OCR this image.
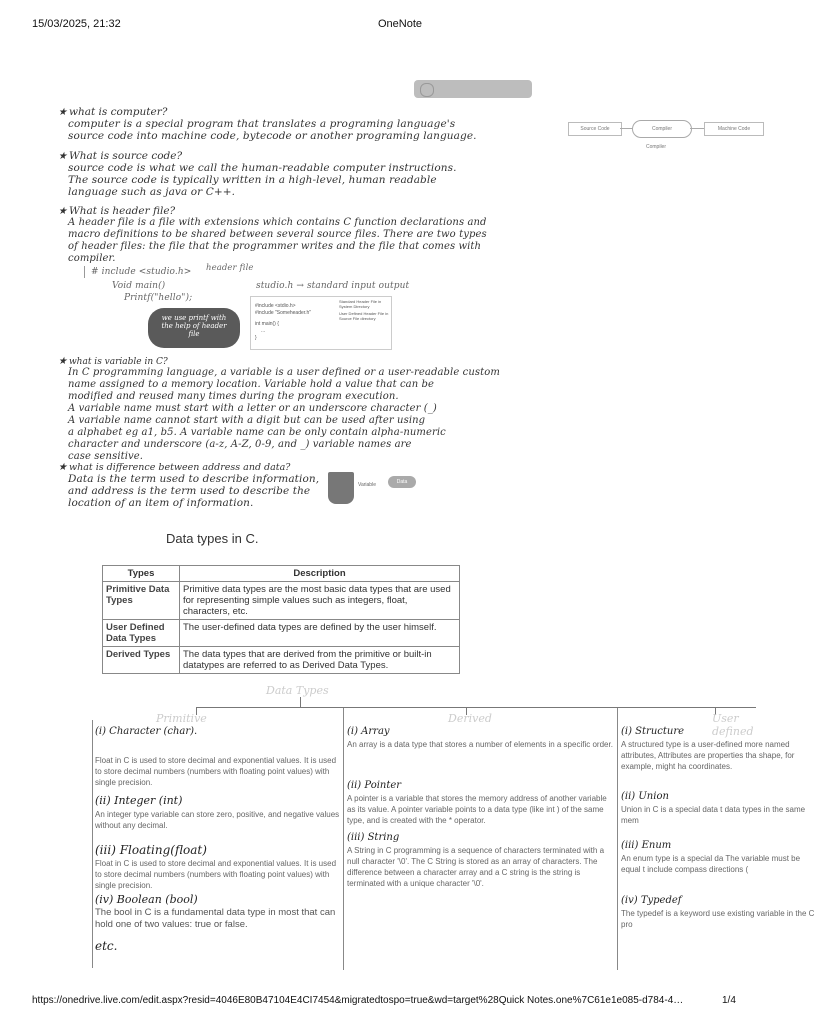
15/03/2025, 21:32	OneNote
Source Code	Compiler	Machine Code
Compiler
★ what is computer?
computer is a special program that translates a programing language's
source code into machine code, bytecode or another programing language.
★ What is source code?
source code is what we call the human-readable computer instructions.
The source code is typically written in a high-level, human readable
language such as java or C++.
★ What is header file?
A header file is a file with extensions which contains C function declarations and
macro definitions to be shared between several source files. There are two types
of header files: the file that the programmer writes and the file that comes with
compiler.
# include <studio.h> header file
Void main()
Printf("hello");
we use printf with the help of header file
studio.h → standard input output
#include <stdio.h>
#include "Someheader.h"
int main() {
...
}
Standard Header File in System Directory
User Defined Header File in Source File directory
★ what is variable in C?
In C programming language, a variable is a user defined or a user-readable custom
name assigned to a memory location. Variable hold a value that can be
modified and reused many times during the program execution.
A variable name must start with a letter or an underscore character (_)
A variable name cannot start with a digit but can be used after using
a alphabet eg a1, b5. A variable name can be only contain alpha-numeric
character and underscore (a-z, A-Z, 0-9, and _) variable names are
case sensitive.
★ what is difference between address and data?
Data is the term used to describe information,
and address is the term used to describe the
location of an item of information.
Variable	Data
Data types in C.
Types	Description
Primitive Data Types	Primitive data types are the most basic data types that are used for representing simple values such as integers, float, characters, etc.
User Defined Data Types	The user-defined data types are defined by the user himself.
Derived Types	The data types that are derived from the primitive or built-in datatypes are referred to as Derived Data Types.
Data Types
Primitive	Derived	User defined
(i) Character (char).
Float in C is used to store decimal and exponential values. It is used to store decimal numbers (numbers with floating point values) with single precision.
(ii) Integer (int)
An integer type variable can store zero, positive, and negative values without any decimal.
(iii) Floating(float)
Float in C is used to store decimal and exponential values. It is used to store decimal numbers (numbers with floating point values) with single precision.
(iv) Boolean (bool)
The bool in C is a fundamental data type in most that can hold one of two values: true or false.
etc.
(i) Array
An array is a data type that stores a number of elements in a specific order.
(ii) Pointer
A pointer is a variable that stores the memory address of another variable as its value. A pointer variable points to a data type (like int ) of the same type, and is created with the * operator.
(iii) String
A String in C programming is a sequence of characters terminated with a null character '\0'. The C String is stored as an array of characters. The difference between a character array and a C string is the string is terminated with a unique character '\0'.
(i) Structure
A structured type is a user-defined more named attributes, Attributes are properties tha shape, for example, might ha coordinates.
(ii) Union
Union in C is a special data t data types in the same mem
(iii) Enum
An enum type is a special da The variable must be equal t include compass directions (
(iv) Typedef
The typedef is a keyword use existing variable in the C pro
https://onedrive.live.com/edit.aspx?resid=4046E80B47104E4CI7454&migratedtospo=true&wd=target%28Quick Notes.one%7C61e1e085-d784-4…	1/4
